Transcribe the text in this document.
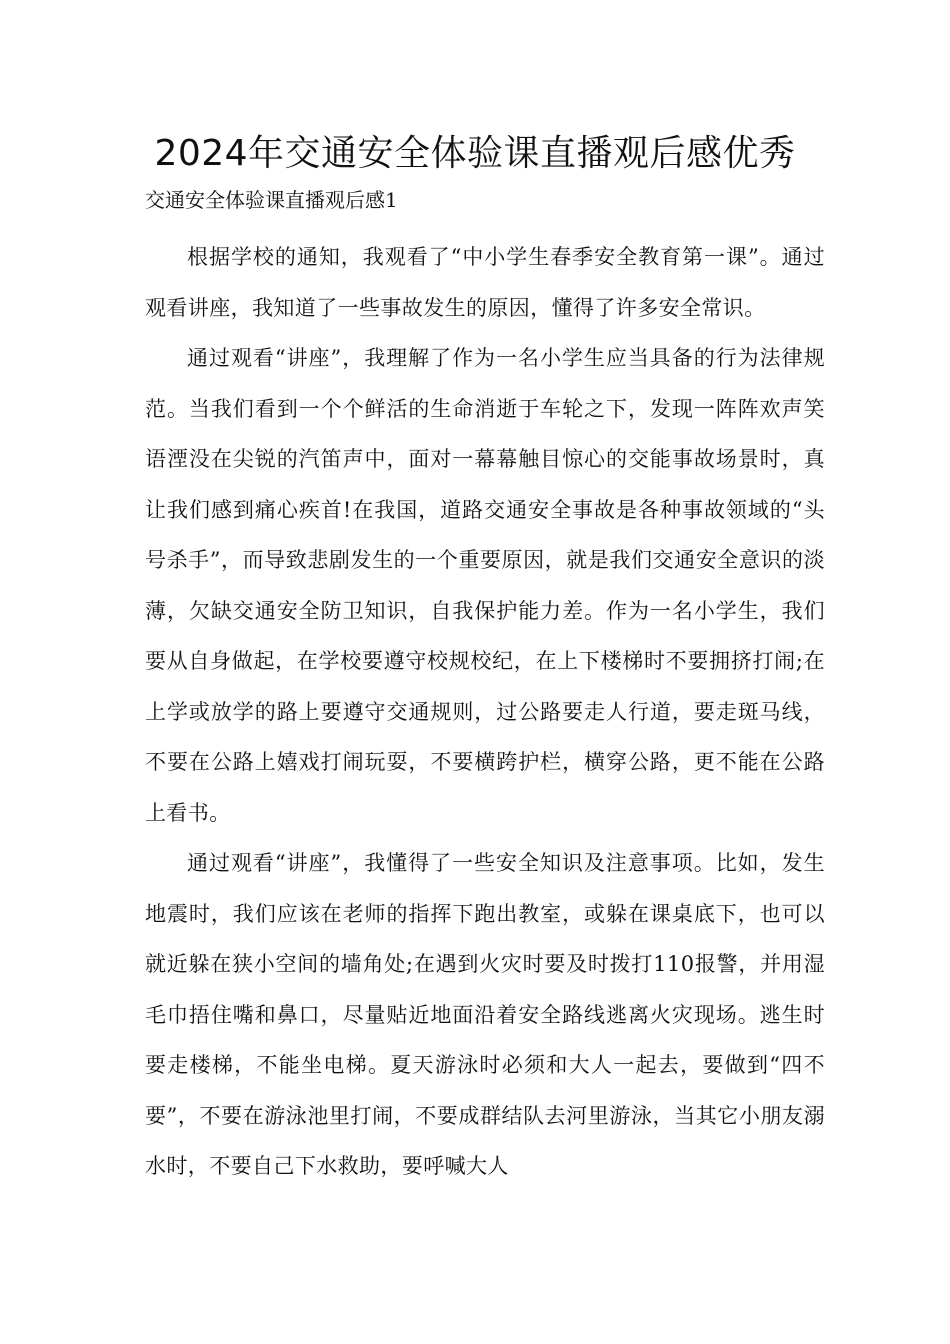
2024年交通安全体验课直播观后感优秀
交通安全体验课直播观后感1

根据学校的通知，我观看了“中小学生春季安全教育第一课”。通过观看讲座，我知道了一些事故发生的原因，懂得了许多安全常识。

通过观看“讲座”，我理解了作为一名小学生应当具备的行为法律规范。当我们看到一个个鲜活的生命消逝于车轮之下，发现一阵阵欢声笑语湮没在尖锐的汽笛声中，面对一幕幕触目惊心的交能事故场景时，真让我们感到痛心疾首!在我国，道路交通安全事故是各种事故领域的“头号杀手”，而导致悲剧发生的一个重要原因，就是我们交通安全意识的淡薄，欠缺交通安全防卫知识，自我保护能力差。作为一名小学生，我们要从自身做起，在学校要遵守校规校纪，在上下楼梯时不要拥挤打闹;在上学或放学的路上要遵守交通规则，过公路要走人行道，要走斑马线，不要在公路上嬉戏打闹玩耍，不要横跨护栏，横穿公路，更不能在公路上看书。

通过观看“讲座”，我懂得了一些安全知识及注意事项。比如，发生地震时，我们应该在老师的指挥下跑出教室，或躲在课桌底下，也可以就近躲在狭小空间的墙角处;在遇到火灾时要及时拨打110报警，并用湿毛巾捂住嘴和鼻口，尽量贴近地面沿着安全路线逃离火灾现场。逃生时要走楼梯，不能坐电梯。夏天游泳时必须和大人一起去，要做到“四不要”，不要在游泳池里打闹，不要成群结队去河里游泳，当其它小朋友溺水时，不要自己下水救助，要呼喊大人
